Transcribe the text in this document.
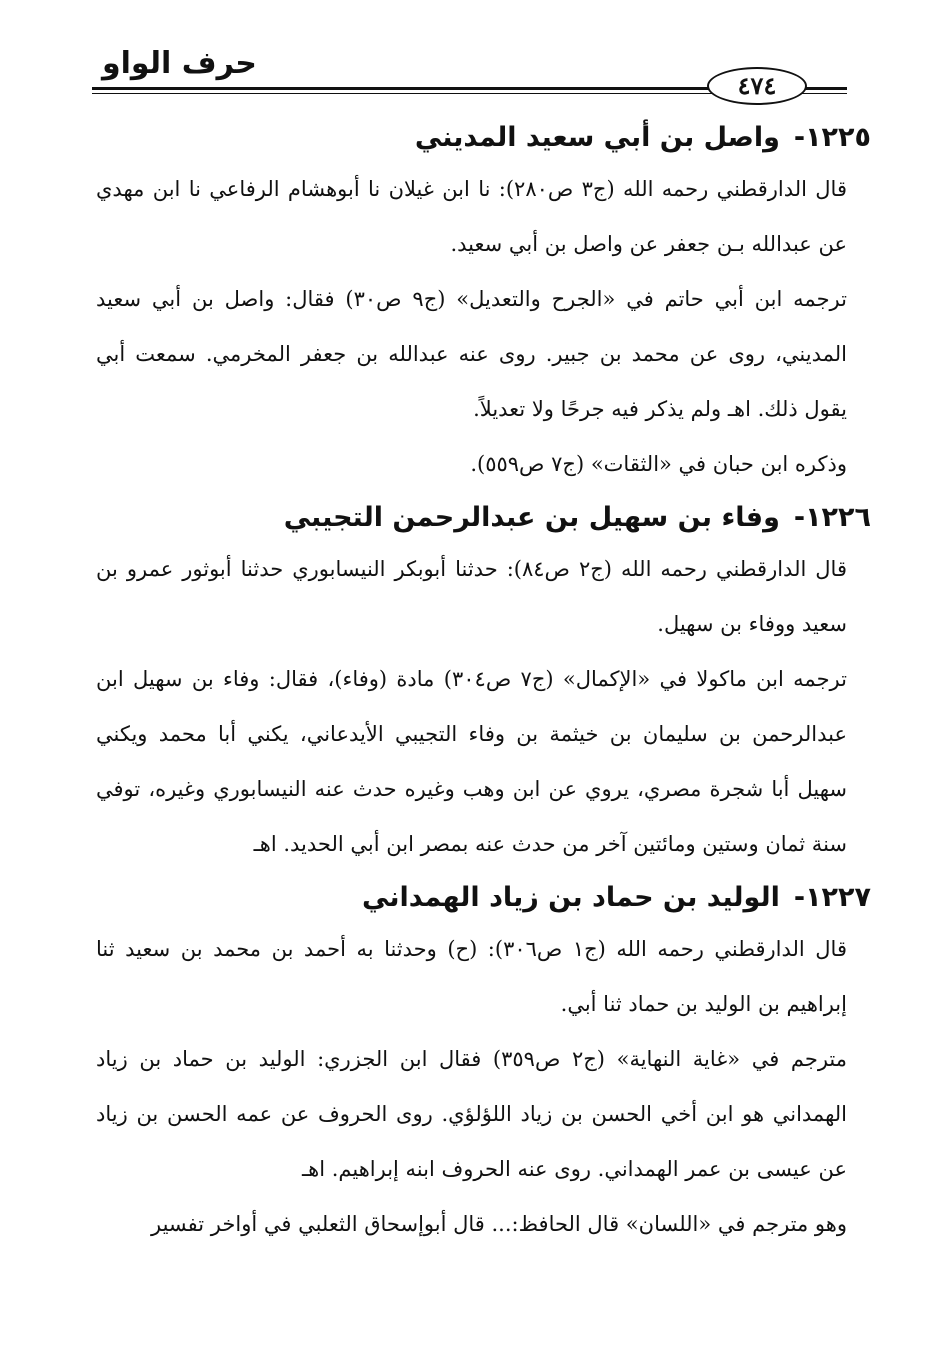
حرف الواو
٤٧٤
١٢٢٥-واصل بن أبي سعيد المديني

قال الدارقطني رحمه الله (ج٣ ص٢٨٠): نا ابن غيلان نا أبوهشام الرفاعي نا ابن مهدي عن عبدالله بـن جعفر عن واصل بن أبي سعيد.

ترجمه ابن أبي حاتم في «الجرح والتعديل» (ج٩ ص٣٠) فقال: واصل بن أبي سعيد المديني، روى عن محمد بن جبير. روى عنه عبدالله بن جعفر المخرمي. سمعت أبي يقول ذلك. اهـ ولم يذكر فيه جرحًا ولا تعديلاً.

وذكره ابن حبان في «الثقات» (ج٧ ص٥٥٩).

١٢٢٦-وفاء بن سهيل بن عبدالرحمن التجيبي

قال الدارقطني رحمه الله (ج٢ ص٨٤): حدثنا أبوبكر النيسابوري حدثنا أبوثور عمرو بن سعيد ووفاء بن سهيل.

ترجمه ابن ماكولا في «الإكمال» (ج٧ ص٣٠٤) مادة (وفاء)، فقال: وفاء بن سهيل ابن عبدالرحمن بن سليمان بن خيثمة بن وفاء التجيبي الأيدعاني، يكني أبا محمد ويكني سهيل أبا شجرة مصري، يروي عن ابن وهب وغيره حدث عنه النيسابوري وغيره، توفي سنة ثمان وستين ومائتين آخر من حدث عنه بمصر ابن أبي الحديد. اهـ

١٢٢٧-الوليد بن حماد بن زياد الهمداني

قال الدارقطني رحمه الله (ج١ ص٣٠٦): (ح) وحدثنا به أحمد بن محمد بن سعيد ثنا إبراهيم بن الوليد بن حماد ثنا أبي.

مترجم في «غاية النهاية» (ج٢ ص٣٥٩) فقال ابن الجزري: الوليد بن حماد بن زياد الهمداني هو ابن أخي الحسن بن زياد اللؤلؤي. روى الحروف عن عمه الحسن بن زياد عن عيسى بن عمر الهمداني. روى عنه الحروف ابنه إبراهيم. اهـ

وهو مترجم في «اللسان» قال الحافظ:... قال أبوإسحاق الثعلبي في أواخر تفسير
